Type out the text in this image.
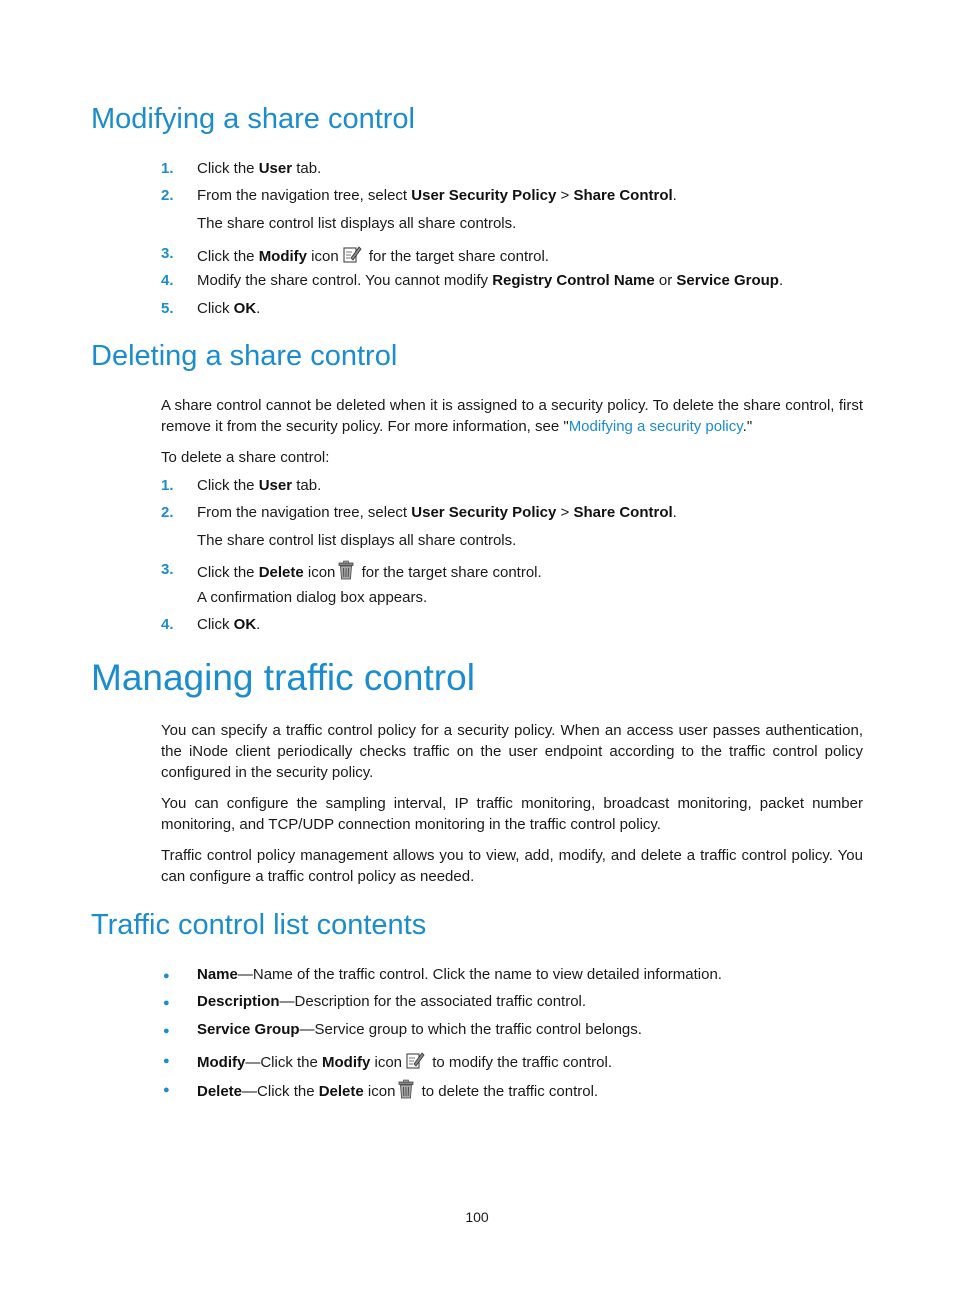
Modifying a share control
1. Click the User tab.
2. From the navigation tree, select User Security Policy > Share Control.
The share control list displays all share controls.
3. Click the Modify icon for the target share control.
4. Modify the share control. You cannot modify Registry Control Name or Service Group.
5. Click OK.
Deleting a share control

A share control cannot be deleted when it is assigned to a security policy. To delete the share control, first remove it from the security policy. For more information, see "Modifying a security policy."

To delete a share control:
1. Click the User tab.
2. From the navigation tree, select User Security Policy > Share Control.
The share control list displays all share controls.
3. Click the Delete icon for the target share control.
A confirmation dialog box appears.
4. Click OK.
Managing traffic control

You can specify a traffic control policy for a security policy. When an access user passes authentication, the iNode client periodically checks traffic on the user endpoint according to the traffic control policy configured in the security policy.

You can configure the sampling interval, IP traffic monitoring, broadcast monitoring, packet number monitoring, and TCP/UDP connection monitoring in the traffic control policy.

Traffic control policy management allows you to view, add, modify, and delete a traffic control policy. You can configure a traffic control policy as needed.

Traffic control list contents
● Name—Name of the traffic control. Click the name to view detailed information.
● Description—Description for the associated traffic control.
● Service Group—Service group to which the traffic control belongs.
● Modify—Click the Modify icon to modify the traffic control.
● Delete—Click the Delete icon to delete the traffic control.
100
